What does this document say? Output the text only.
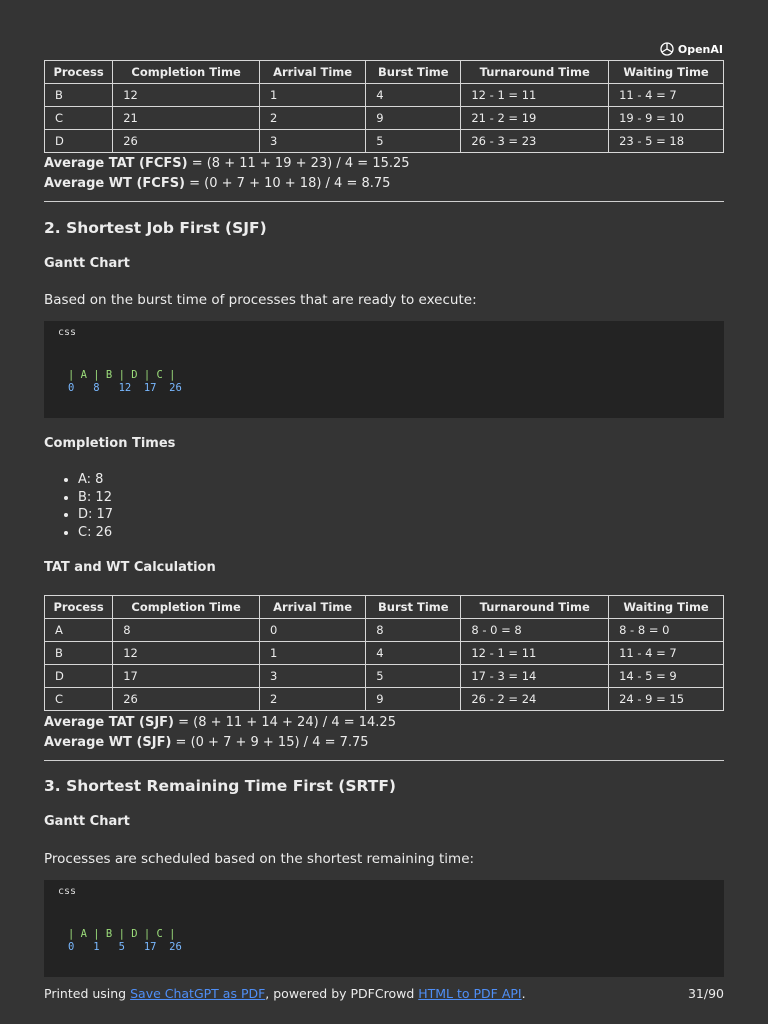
OpenAI
Process	Completion Time	Arrival Time	Burst Time	Turnaround Time	Waiting Time
B	12	1	4	12 - 1 = 11	11 - 4 = 7
C	21	2	9	21 - 2 = 19	19 - 9 = 10
D	26	3	5	26 - 3 = 23	23 - 5 = 18
Average TAT (FCFS) = (8 + 11 + 19 + 23) / 4 = 15.25
Average WT (FCFS) = (0 + 7 + 10 + 18) / 4 = 8.75
2. Shortest Job First (SJF)
Gantt Chart

Based on the burst time of processes that are ready to execute:

css
| A | B | D | C |
0   8   12  17  26
Completion Times
• A: 8
• B: 12
• D: 17
• C: 26
TAT and WT Calculation
Process	Completion Time	Arrival Time	Burst Time	Turnaround Time	Waiting Time
A	8	0	8	8 - 0 = 8	8 - 8 = 0
B	12	1	4	12 - 1 = 11	11 - 4 = 7
D	17	3	5	17 - 3 = 14	14 - 5 = 9
C	26	2	9	26 - 2 = 24	24 - 9 = 15
Average TAT (SJF) = (8 + 11 + 14 + 24) / 4 = 14.25
Average WT (SJF) = (0 + 7 + 9 + 15) / 4 = 7.75
3. Shortest Remaining Time First (SRTF)
Gantt Chart

Processes are scheduled based on the shortest remaining time:

css
| A | B | D | C |
0   1   5   17  26
Printed using Save ChatGPT as PDF, powered by PDFCrowd HTML to PDF API.	31/90
